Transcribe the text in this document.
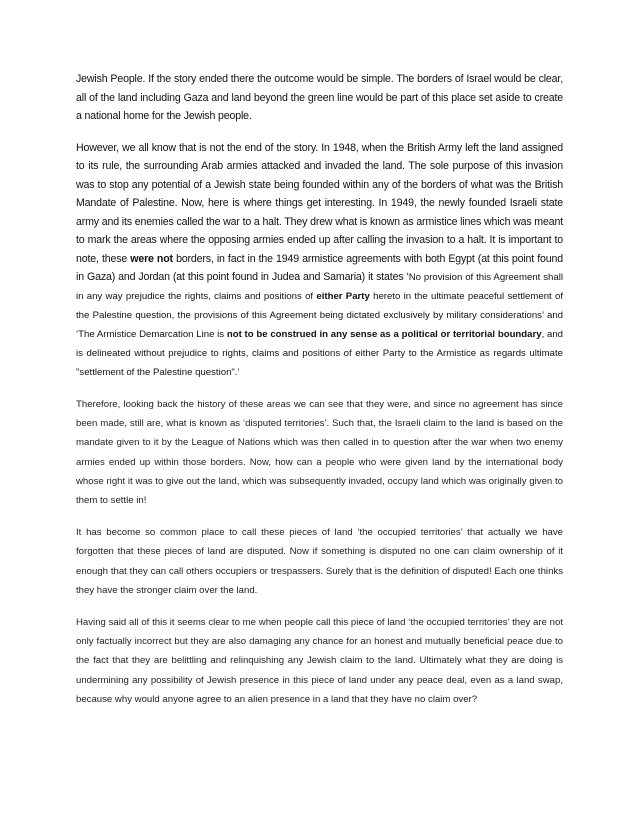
Jewish People. If the story ended there the outcome would be simple. The borders of Israel would be clear, all of the land including Gaza and land beyond the green line would be part of this place set aside to create a national home for the Jewish people.

However, we all know that is not the end of the story. In 1948, when the British Army left the land assigned to its rule, the surrounding Arab armies attacked and invaded the land. The sole purpose of this invasion was to stop any potential of a Jewish state being founded within any of the borders of what was the British Mandate of Palestine. Now, here is where things get interesting. In 1949, the newly founded Israeli state army and its enemies called the war to a halt. They drew what is known as armistice lines which was meant to mark the areas where the opposing armies ended up after calling the invasion to a halt. It is important to note, these were not borders, in fact in the 1949 armistice agreements with both Egypt (at this point found in Gaza) and Jordan (at this point found in Judea and Samaria) it states ‘No provision of this Agreement shall in any way prejudice the rights, claims and positions of either Party hereto in the ultimate peaceful settlement of the Palestine question, the provisions of this Agreement being dictated exclusively by military considerations’ and ‘The Armistice Demarcation Line is not to be construed in any sense as a political or territorial boundary, and is delineated without prejudice to rights, claims and positions of either Party to the Armistice as regards ultimate "settlement of the Palestine question".’

Therefore, looking back the history of these areas we can see that they were, and since no agreement has since been made, still are, what is known as ‘disputed territories’. Such that, the Israeli claim to the land is based on the mandate given to it by the League of Nations which was then called in to question after the war when two enemy armies ended up within those borders. Now, how can a people who were given land by the international body whose right it was to give out the land, which was subsequently invaded, occupy land which was originally given to them to settle in!

It has become so common place to call these pieces of land ‘the occupied territories’ that actually we have forgotten that these pieces of land are disputed. Now if something is disputed no one can claim ownership of it enough that they can call others occupiers or trespassers. Surely that is the definition of disputed! Each one thinks they have the stronger claim over the land.

Having said all of this it seems clear to me when people call this piece of land ‘the occupied territories’ they are not only factually incorrect but they are also damaging any chance for an honest and mutually beneficial peace due to the fact that they are belittling and relinquishing any Jewish claim to the land. Ultimately what they are doing is undermining any possibility of Jewish presence in this piece of land under any peace deal, even as a land swap, because why would anyone agree to an alien presence in a land that they have no claim over?
